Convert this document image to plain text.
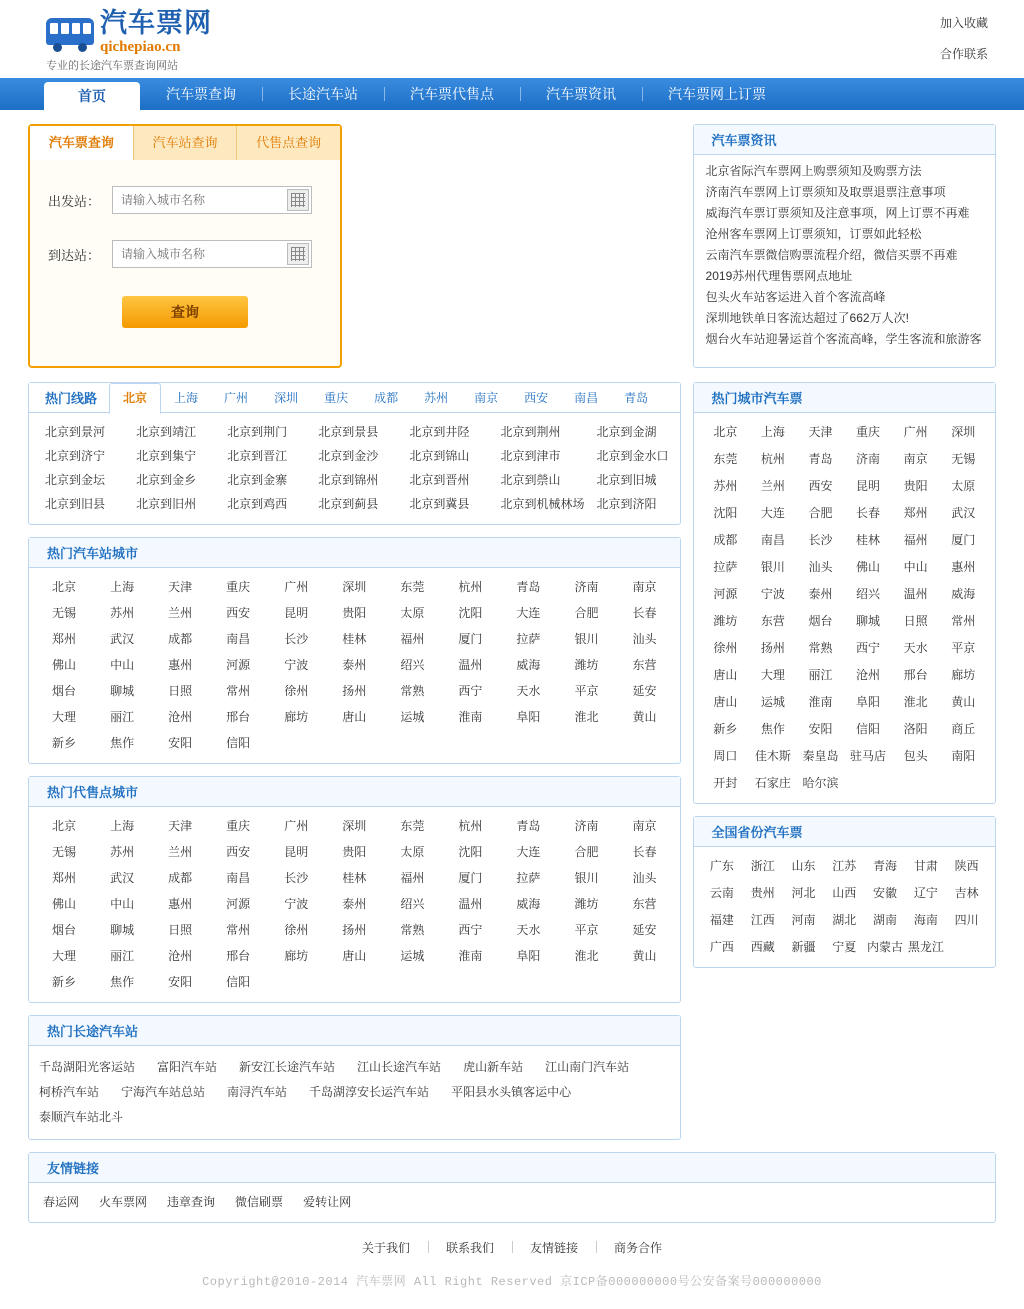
汽车票网
qichepiao.cn
专业的长途汽车票查询网站
加入收藏
合作联系
首页	汽车票查询	长途汽车站	汽车票代售点	汽车票资讯	汽车票网上订票
汽车票查询	汽车站查询	代售点查询
出发站：
请输入城市名称
到达站：
请输入城市名称
查询
热门线路	北京	上海	广州	深圳	重庆	成都	苏州	南京	西安	南昌	青岛
北京到景河	北京到靖江	北京到荆门	北京到景县	北京到井陉	北京到荆州	北京到金湖
北京到济宁	北京到集宁	北京到晋江	北京到金沙	北京到锦山	北京到津市	北京到金水口
北京到金坛	北京到金乡	北京到金寨	北京到锦州	北京到晋州	北京到禜山	北京到旧城
北京到旧县	北京到旧州	北京到鸡西	北京到蓟县	北京到冀县	北京到机械林场	北京到济阳
热门汽车站城市
北京	上海	天津	重庆	广州	深圳	东莞	杭州	青岛	济南	南京
无锡	苏州	兰州	西安	昆明	贵阳	太原	沈阳	大连	合肥	长春
郑州	武汉	成都	南昌	长沙	桂林	福州	厦门	拉萨	银川	汕头
佛山	中山	惠州	河源	宁波	泰州	绍兴	温州	威海	潍坊	东营
烟台	聊城	日照	常州	徐州	扬州	常熟	西宁	天水	平京	延安
大理	丽江	沧州	邢台	廊坊	唐山	运城	淮南	阜阳	淮北	黄山
新乡	焦作	安阳	信阳
热门代售点城市
北京	上海	天津	重庆	广州	深圳	东莞	杭州	青岛	济南	南京
无锡	苏州	兰州	西安	昆明	贵阳	太原	沈阳	大连	合肥	长春
郑州	武汉	成都	南昌	长沙	桂林	福州	厦门	拉萨	银川	汕头
佛山	中山	惠州	河源	宁波	泰州	绍兴	温州	威海	潍坊	东营
烟台	聊城	日照	常州	徐州	扬州	常熟	西宁	天水	平京	延安
大理	丽江	沧州	邢台	廊坊	唐山	运城	淮南	阜阳	淮北	黄山
新乡	焦作	安阳	信阳
热门长途汽车站
千岛湖阳光客运站 富阳汽车站 新安江长途汽车站 江山长途汽车站 虎山新车站 江山南门汽车站
柯桥汽车站 宁海汽车站总站 南浔汽车站 千岛湖淳安长运汽车站 平阳县水头镇客运中心
泰顺汽车站北斗
汽车票资讯
北京省际汽车票网上购票须知及购票方法
济南汽车票网上订票须知及取票退票注意事项
威海汽车票订票须知及注意事项，网上订票不再难
沧州客车票网上订票须知，订票如此轻松
云南汽车票微信购票流程介绍，微信买票不再难
2019苏州代理售票网点地址
包头火车站客运进入首个客流高峰
深圳地铁单日客流达超过了662万人次!
烟台火车站迎暑运首个客流高峰，学生客流和旅游客
热门城市汽车票
北京	上海	天津	重庆	广州	深圳
东莞	杭州	青岛	济南	南京	无锡
苏州	兰州	西安	昆明	贵阳	太原
沈阳	大连	合肥	长春	郑州	武汉
成都	南昌	长沙	桂林	福州	厦门
拉萨	银川	汕头	佛山	中山	惠州
河源	宁波	泰州	绍兴	温州	威海
潍坊	东营	烟台	聊城	日照	常州
徐州	扬州	常熟	西宁	天水	平京
唐山	大理	丽江	沧州	邢台	廊坊
唐山	运城	淮南	阜阳	淮北	黄山
新乡	焦作	安阳	信阳	洛阳	商丘
周口	佳木斯 秦皇岛 驻马店	包头	南阳
开封	石家庄 哈尔滨
全国省份汽车票
广东	浙江	山东	江苏	青海	甘肃	陕西
云南	贵州	河北	山西	安徽	辽宁	吉林
福建	江西	河南	湖北	湖南	海南	四川
广西	西藏	新疆	宁夏 内蒙古 黑龙江
友情链接
春运网 火车票网 违章查询 微信刷票 爱转让网
关于我们	联系我们	友情链接	商务合作
Copyright@2010-2014 汽车票网 All Right Reserved 京ICP备000000000号公安备案号000000000
